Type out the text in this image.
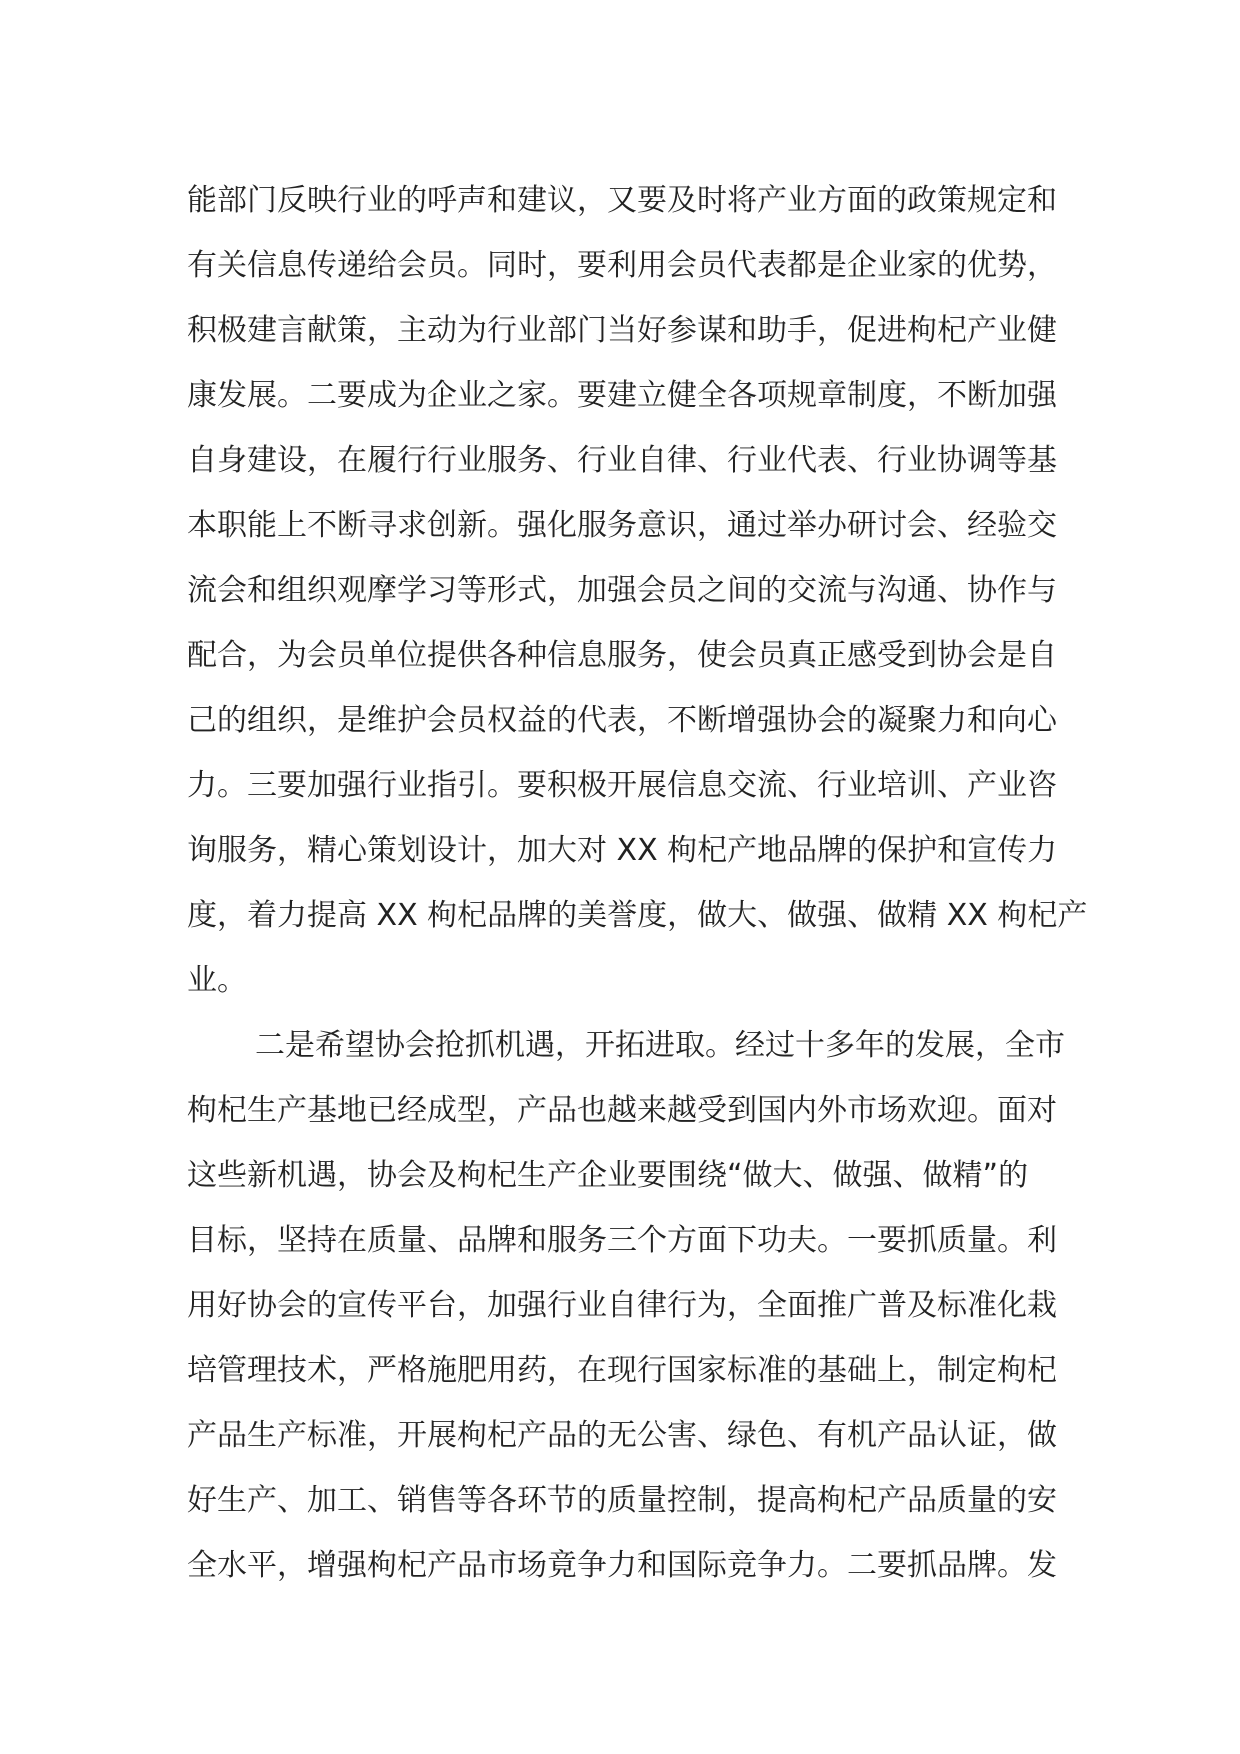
能部门反映行业的呼声和建议，又要及时将产业方面的政策规定和
有关信息传递给会员。同时，要利用会员代表都是企业家的优势，
积极建言献策，主动为行业部门当好参谋和助手，促进枸杞产业健
康发展。二要成为企业之家。要建立健全各项规章制度，不断加强
自身建设，在履行行业服务、行业自律、行业代表、行业协调等基
本职能上不断寻求创新。强化服务意识，通过举办研讨会、经验交
流会和组织观摩学习等形式，加强会员之间的交流与沟通、协作与
配合，为会员单位提供各种信息服务，使会员真正感受到协会是自
己的组织，是维护会员权益的代表，不断增强协会的凝聚力和向心
力。三要加强行业指引。要积极开展信息交流、行业培训、产业咨
询服务，精心策划设计，加大对 XX 枸杞产地品牌的保护和宣传力
度，着力提高 XX 枸杞品牌的美誉度，做大、做强、做精 XX 枸杞产
业。
二是希望协会抢抓机遇，开拓进取。经过十多年的发展，全市
枸杞生产基地已经成型，产品也越来越受到国内外市场欢迎。面对
这些新机遇，协会及枸杞生产企业要围绕“做大、做强、做精”的
目标，坚持在质量、品牌和服务三个方面下功夫。一要抓质量。利
用好协会的宣传平台，加强行业自律行为，全面推广普及标准化栽
培管理技术，严格施肥用药，在现行国家标准的基础上，制定枸杞
产品生产标准，开展枸杞产品的无公害、绿色、有机产品认证，做
好生产、加工、销售等各环节的质量控制，提高枸杞产品质量的安
全水平，增强枸杞产品市场竟争力和国际竞争力。二要抓品牌。发
